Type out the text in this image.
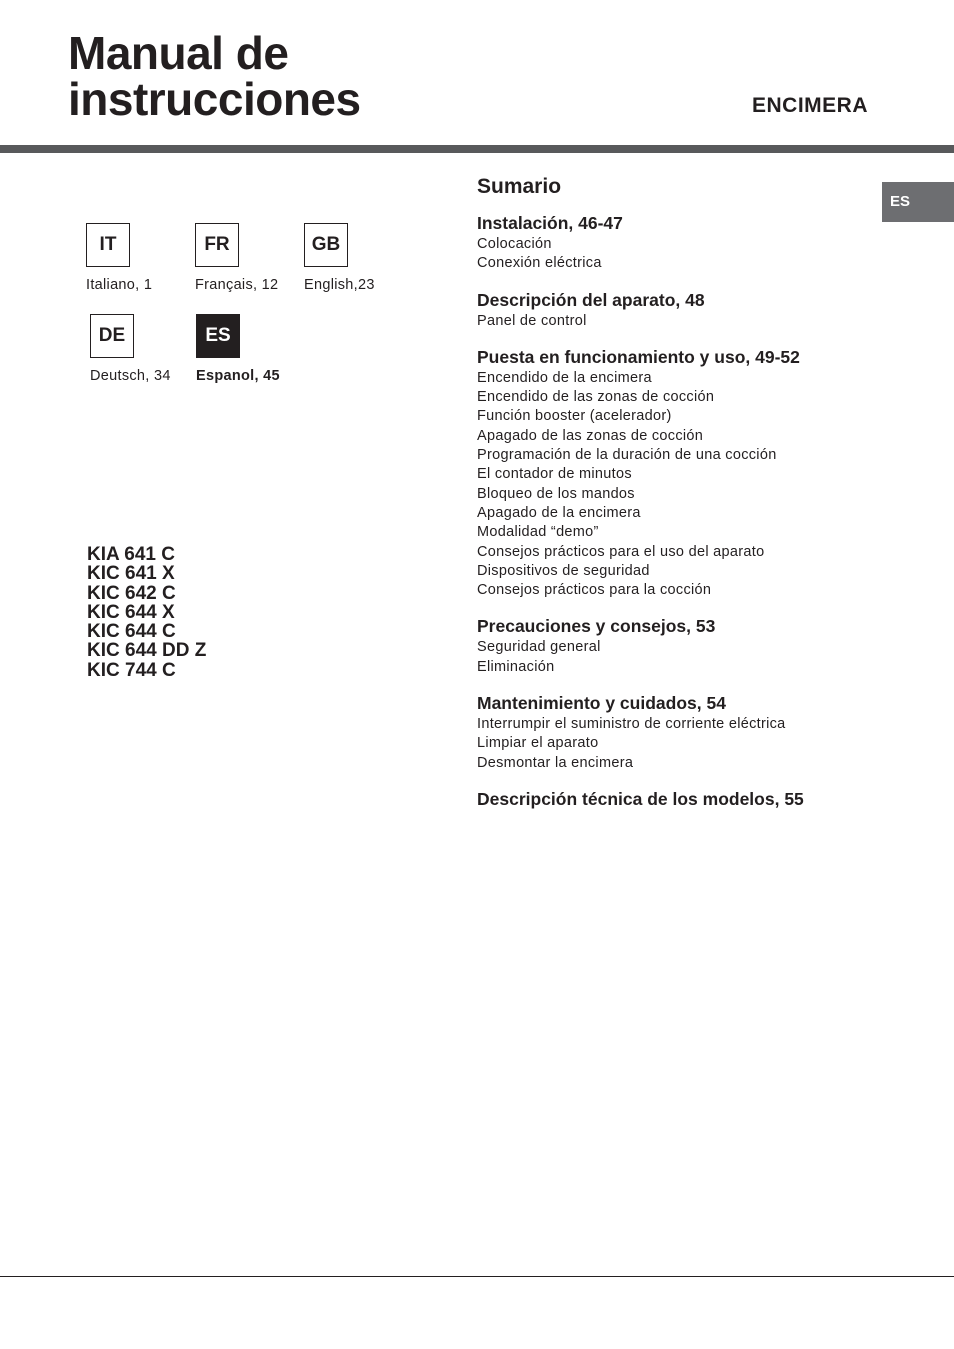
Manual de
instrucciones	ENCIMERA
ES
IT
Italiano, 1
FR
Français, 12
GB
English,23
DE
Deutsch, 34
ES
Espanol, 45
KIA 641 C
KIC 641 X
KIC 642 C
KIC 644 X
KIC 644 C
KIC 644 DD Z
KIC 744 C
Sumario
Instalación, 46-47
Colocación
Conexión eléctrica
Descripción del aparato, 48
Panel de control
Puesta en funcionamiento y uso, 49-52
Encendido de la encimera
Encendido de las zonas de cocción
Función booster (acelerador)
Apagado de las zonas de cocción
Programación de la duración de una cocción
El contador de minutos
Bloqueo de los mandos
Apagado de la encimera
Modalidad “demo”
Consejos prácticos para el uso del aparato
Dispositivos de seguridad
Consejos prácticos para la cocción
Precauciones y consejos, 53
Seguridad general
Eliminación
Mantenimiento y cuidados, 54
Interrumpir el suministro de corriente eléctrica
Limpiar el aparato
Desmontar la encimera
Descripción técnica de los modelos, 55
